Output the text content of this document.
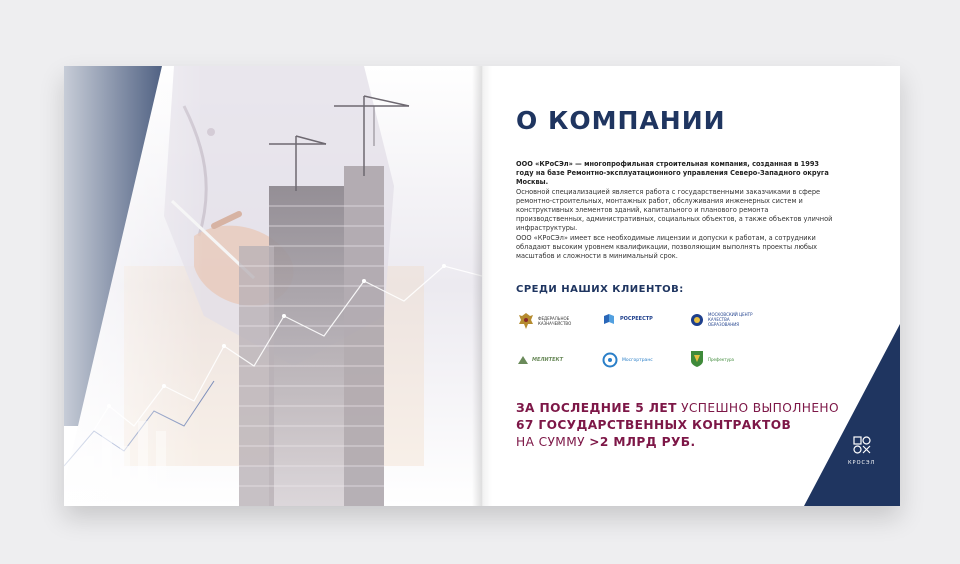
О КОМПАНИИ

ООО «КРоСЭл» — многопрофильная строительная компания, созданная в 1993 году на базе Ремонтно-эксплуатационного управления Северо-Западного округа Москвы.

Основной специализацией является работа с государственными заказчиками в сфере ремонтно-строительных, монтажных работ, обслуживания инженерных систем и конструктивных элементов зданий, капитального и планового ремонта производственных, административных, социальных объектов, а также объектов уличной инфраструктуры.

ООО «КРоСЭл» имеет все необходимые лицензии и допуски к работам, а сотрудники обладают высоким уровнем квалификации, позволяющим выполнять проекты любых масштабов и сложности в минимальный срок.

СРЕДИ НАШИХ КЛИЕНТОВ:
ФЕДЕРАЛЬНОЕ КАЗНАЧЕЙСТВО
РОСРЕЕСТР
МОСКОВСКИЙ ЦЕНТР КАЧЕСТВА ОБРАЗОВАНИЯ
МЕЛИТЕКТ	Мосгортранс	Префектура

ЗА ПОСЛЕДНИЕ 5 ЛЕТ УСПЕШНО ВЫПОЛНЕНО
67 ГОСУДАРСТВЕННЫХ КОНТРАКТОВ
НА СУММУ >2 МЛРД РУБ.

КРОСЭЛ
